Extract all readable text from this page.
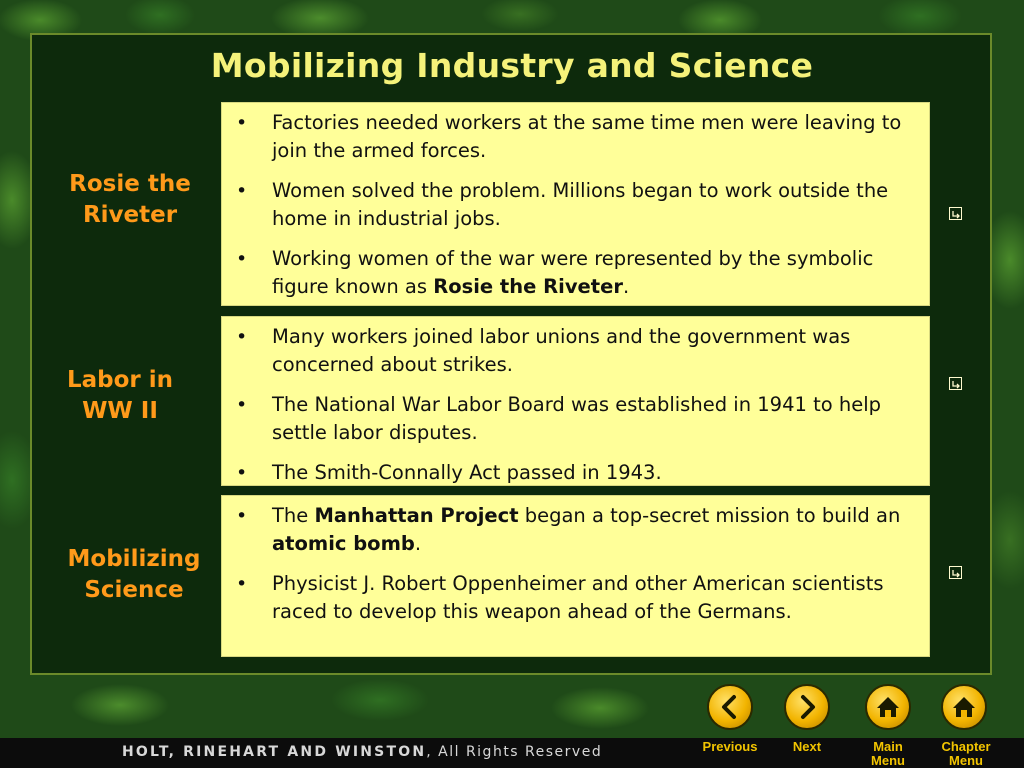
Mobilizing Industry and Science
Rosie the
Riveter
• Factories needed workers at the same time men were leaving to join the armed forces.
• Women solved the problem. Millions began to work outside the home in industrial jobs.
• Working women of the war were represented by the symbolic figure known as Rosie the Riveter.
Labor in
WW II
• Many workers joined labor unions and the government was concerned about strikes.
• The National War Labor Board was established in 1941 to help settle labor disputes.
• The Smith-Connally Act passed in 1943.
Mobilizing
Science
• The Manhattan Project began a top-secret mission to build an atomic bomb.
• Physicist J. Robert Oppenheimer and other American scientists raced to develop this weapon ahead of the Germans.
HOLT, RINEHART AND WINSTON, All Rights Reserved	Previous	Next	Main
Menu
Chapter
Menu
